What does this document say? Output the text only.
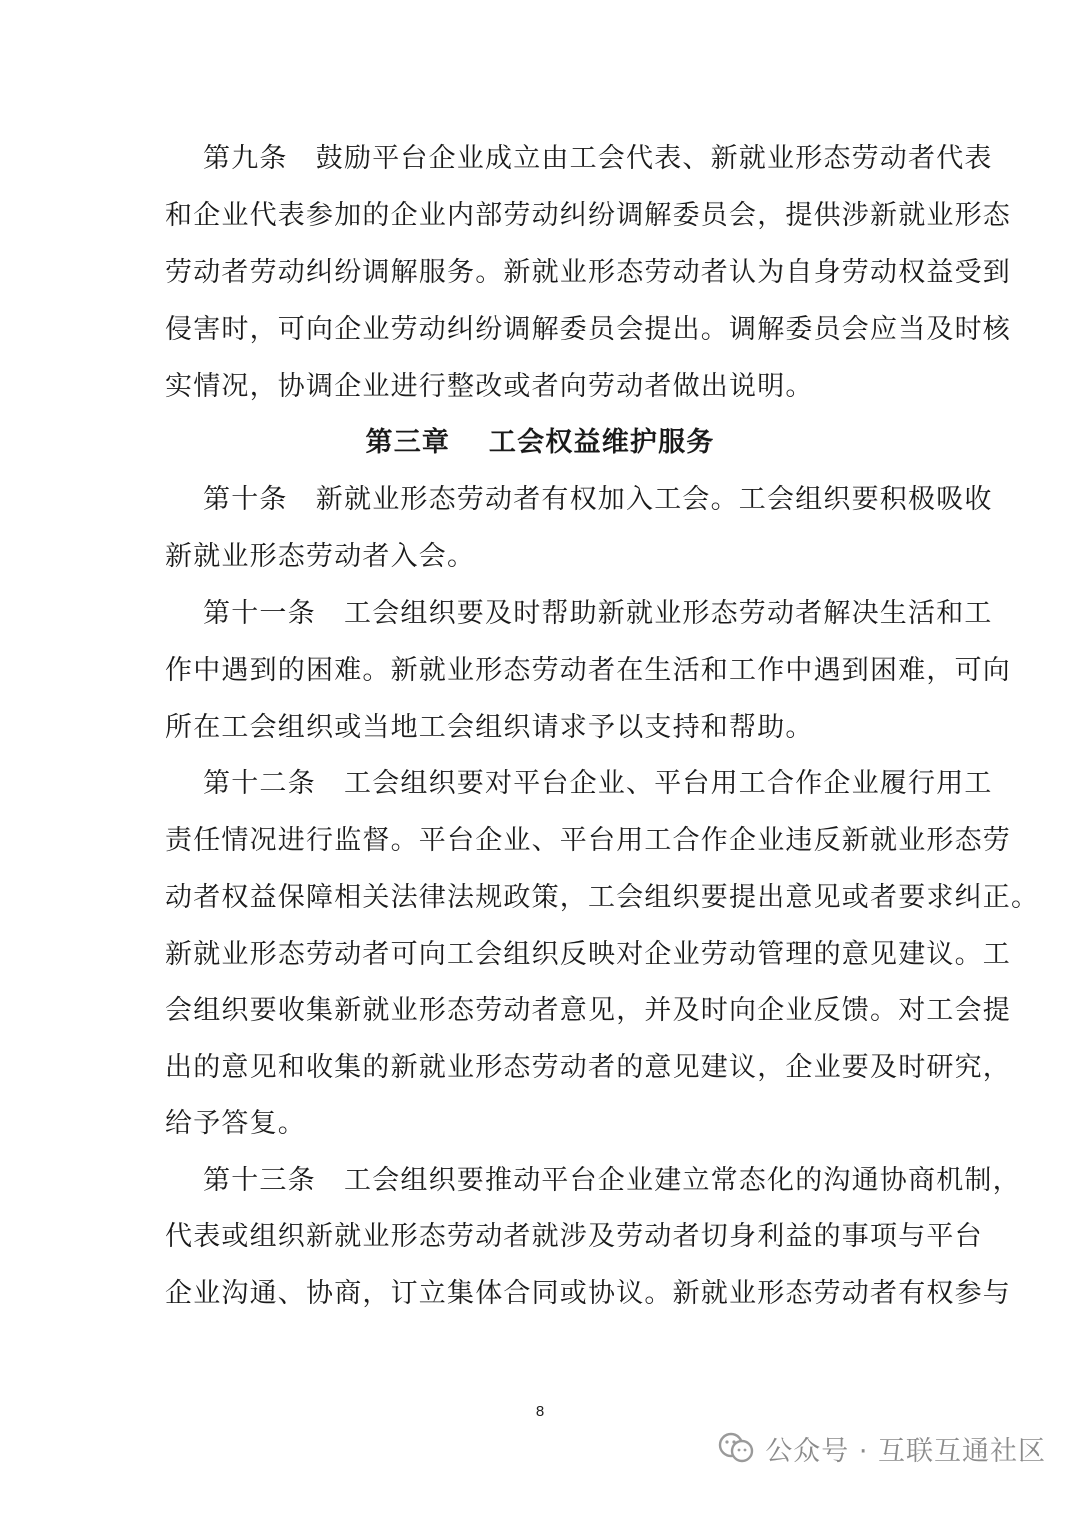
第九条　鼓励平台企业成立由工会代表、新就业形态劳动者代表
和企业代表参加的企业内部劳动纠纷调解委员会，提供涉新就业形态
劳动者劳动纠纷调解服务。新就业形态劳动者认为自身劳动权益受到
侵害时，可向企业劳动纠纷调解委员会提出。调解委员会应当及时核
实情况，协调企业进行整改或者向劳动者做出说明。
第三章　 工会权益维护服务
第十条　新就业形态劳动者有权加入工会。工会组织要积极吸收
新就业形态劳动者入会。
第十一条　工会组织要及时帮助新就业形态劳动者解决生活和工
作中遇到的困难。新就业形态劳动者在生活和工作中遇到困难，可向
所在工会组织或当地工会组织请求予以支持和帮助。
第十二条　工会组织要对平台企业、平台用工合作企业履行用工
责任情况进行监督。平台企业、平台用工合作企业违反新就业形态劳
动者权益保障相关法律法规政策，工会组织要提出意见或者要求纠正。
新就业形态劳动者可向工会组织反映对企业劳动管理的意见建议。工
会组织要收集新就业形态劳动者意见，并及时向企业反馈。对工会提
出的意见和收集的新就业形态劳动者的意见建议，企业要及时研究，
给予答复。
第十三条　工会组织要推动平台企业建立常态化的沟通协商机制，
代表或组织新就业形态劳动者就涉及劳动者切身利益的事项与平台
企业沟通、协商，订立集体合同或协议。新就业形态劳动者有权参与
8
公众号 · 互联互通社区
